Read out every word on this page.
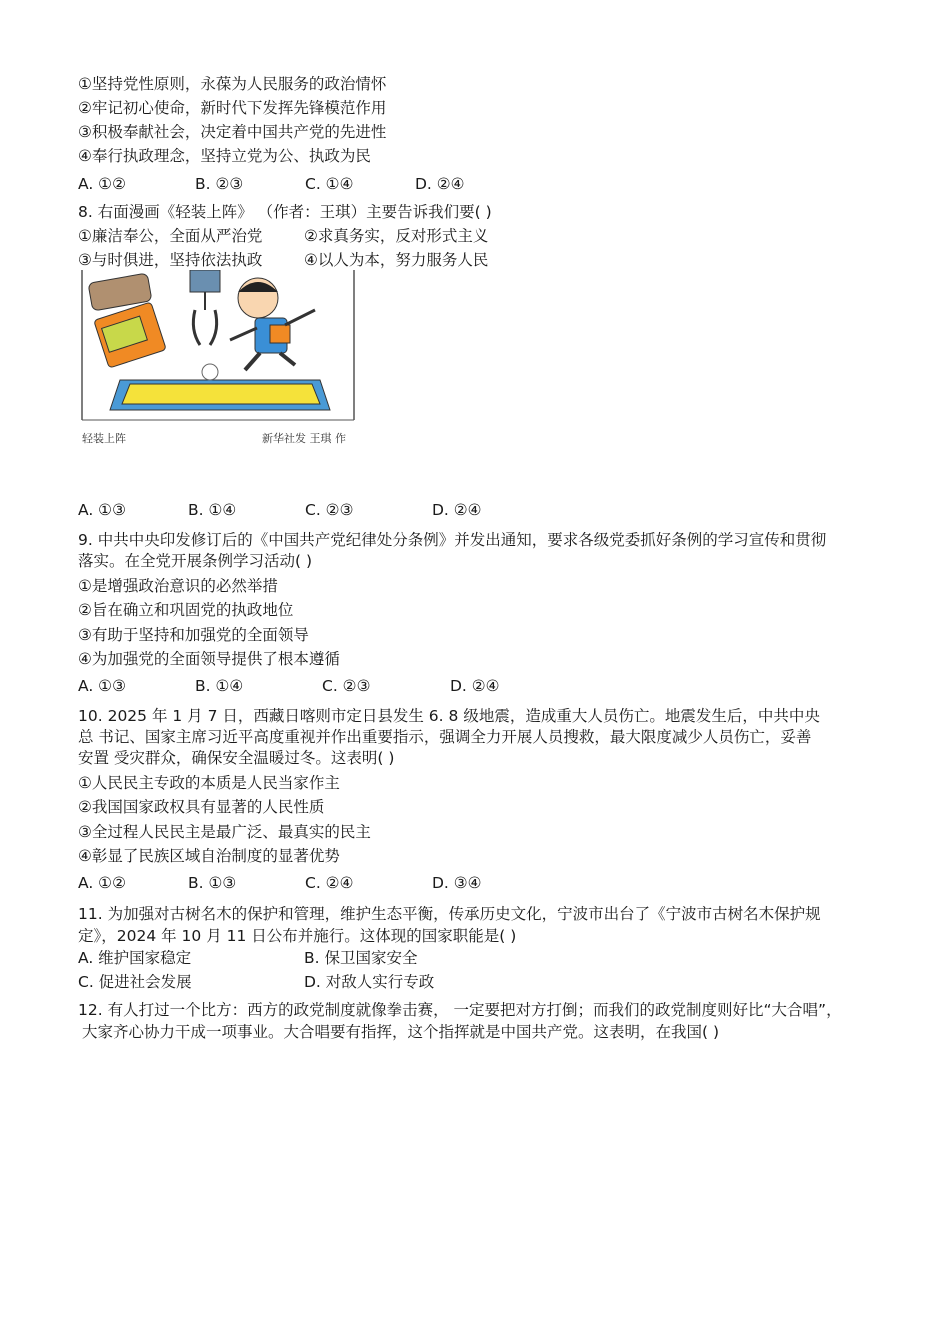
①坚持党性原则，永葆为人民服务的政治情怀
②牢记初心使命，新时代下发挥先锋模范作用
③积极奉献社会，决定着中国共产党的先进性
④奉行执政理念，坚持立党为公、执政为民
A. ①②	B. ②③	C. ①④	D. ②④
8. 右面漫画《轻装上阵》 （作者：王琪）主要告诉我们要( )
①廉洁奉公，全面从严治党	②求真务实，反对形式主义
③与时俱进，坚持依法执政	④以人为本，努力服务人民
轻装上阵	新华社发 王琪 作
A. ①③	B. ①④	C. ②③	D. ②④
9. 中共中央印发修订后的《中国共产党纪律处分条例》并发出通知，要求各级党委抓好条例的学习宣传和贯彻
落实。在全党开展条例学习活动( )
①是增强政治意识的必然举措
②旨在确立和巩固党的执政地位
③有助于坚持和加强党的全面领导
④为加强党的全面领导提供了根本遵循
A. ①③	B. ①④	C. ②③	D. ②④
10. 2025 年 1 月 7 日，西藏日喀则市定日县发生 6. 8 级地震，造成重大人员伤亡。地震发生后，中共中央
总 书记、国家主席习近平高度重视并作出重要指示，强调全力开展人员搜救，最大限度减少人员伤亡，妥善
安置 受灾群众，确保安全温暖过冬。这表明( )
①人民民主专政的本质是人民当家作主
②我国国家政权具有显著的人民性质
③全过程人民民主是最广泛、最真实的民主
④彰显了民族区域自治制度的显著优势
A. ①②	B. ①③	C. ②④	D. ③④
11. 为加强对古树名木的保护和管理，维护生态平衡，传承历史文化，宁波市出台了《宁波市古树名木保护规
定》，2024 年 10 月 11 日公布并施行。这体现的国家职能是( )
A. 维护国家稳定	B. 保卫国家安全
C. 促进社会发展	D. 对敌人实行专政
12. 有人打过一个比方：西方的政党制度就像拳击赛， 一定要把对方打倒；而我们的政党制度则好比“大合唱”，
大家齐心协力干成一项事业。大合唱要有指挥，这个指挥就是中国共产党。这表明，在我国( )
